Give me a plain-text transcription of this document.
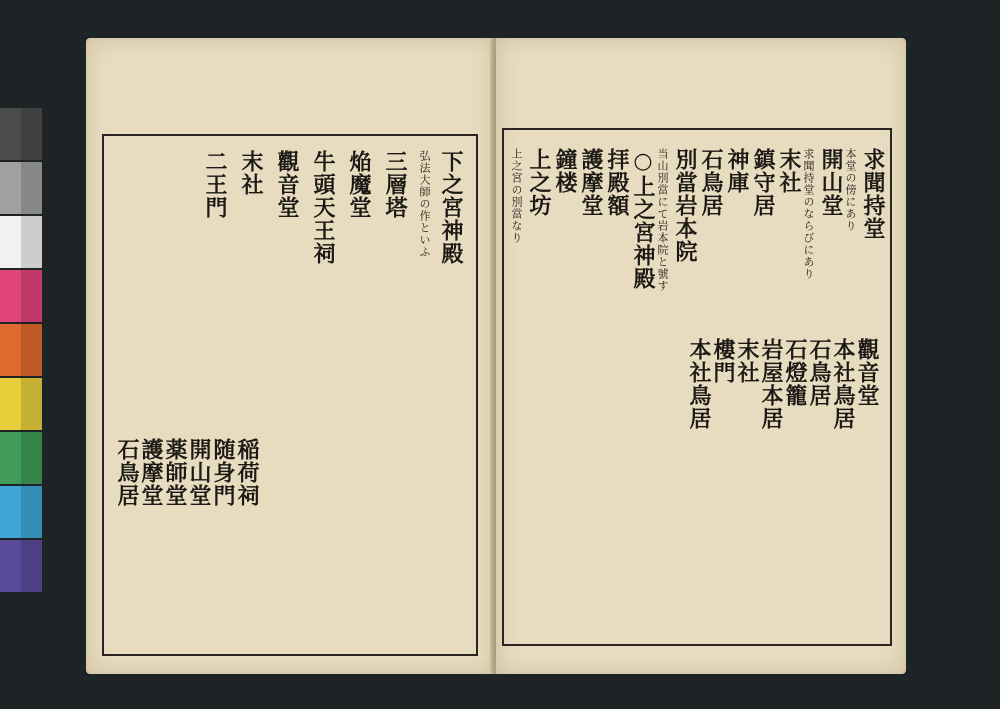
下之宮神殿
弘法大師の作といふ
三層塔
焔魔堂
牛頭天王祠
觀音堂
末社
二王門
稲荷祠
随身門
開山堂
薬師堂
護摩堂
石鳥居
求聞持堂
本堂の傍にあり
開山堂
求聞持堂のならびにあり
末社
鎮守居
神庫
石鳥居
別當岩本院
当山別當にて岩本院と號す
○上之宮神殿
拝殿額
護摩堂
鐘楼
上之坊
上之宮の別當なり
觀音堂
本社鳥居
石鳥居
石燈籠
岩屋本居
末社
樓門
本社鳥居
